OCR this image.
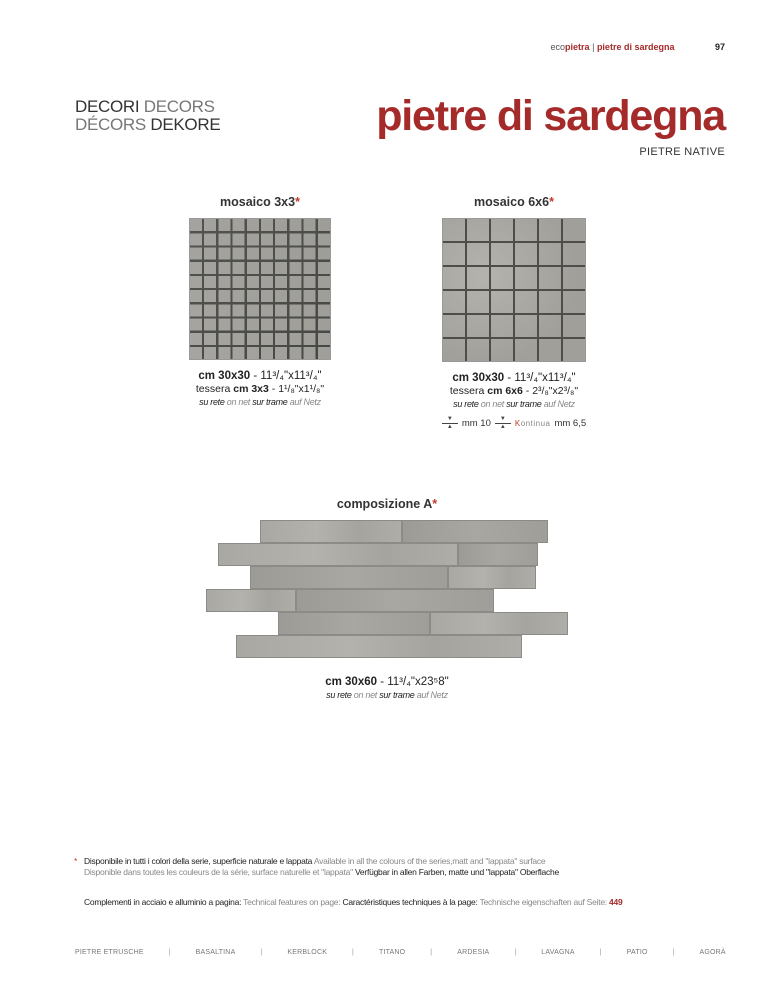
ecopietra | pietre di sardegna	97
DECORI DECORS
DÉCORS DEKORE	pietre di sardegna
PIETRE NATIVE
mosaico 3x3*
cm 30x30 - 11³/₄"x11³/₄"
tessera cm 3x3 - 1¹/₈"x1¹/₈"
su rete on net sur trame auf Netz
mosaico 6x6*
cm 30x30 - 11³/₄"x11³/₄"
tessera cm 6x6 - 2³/₈"x2³/₈"
su rete on net sur trame auf Netz
▼
▲ mm 10	▼
▲	Kontinua mm 6,5
composizione A*
cm 30x60 - 11³/₄"x23⁵8"
su rete on net sur trame auf Netz
* Disponibile in tutti i colori della serie, superficie naturale e lappata Available in all the colours of the series,matt and "lappata" surface
Disponible dans toutes les couleurs de la série, surface naturelle et "lappata" Verfügbar in allen Farben, matte und "lappata" Oberflache
Complementi in acciaio e alluminio a pagina: Technical features on page: Caractéristiques techniques à la page: Technische eigenschaften auf Seite: 449
PIETRE ETRUSCHE	|	BASALTINA	|	KERBLOCK	|	TITANO	|	ARDESIA	|	LAVAGNA	|	PATIO	|	AGORÀ
